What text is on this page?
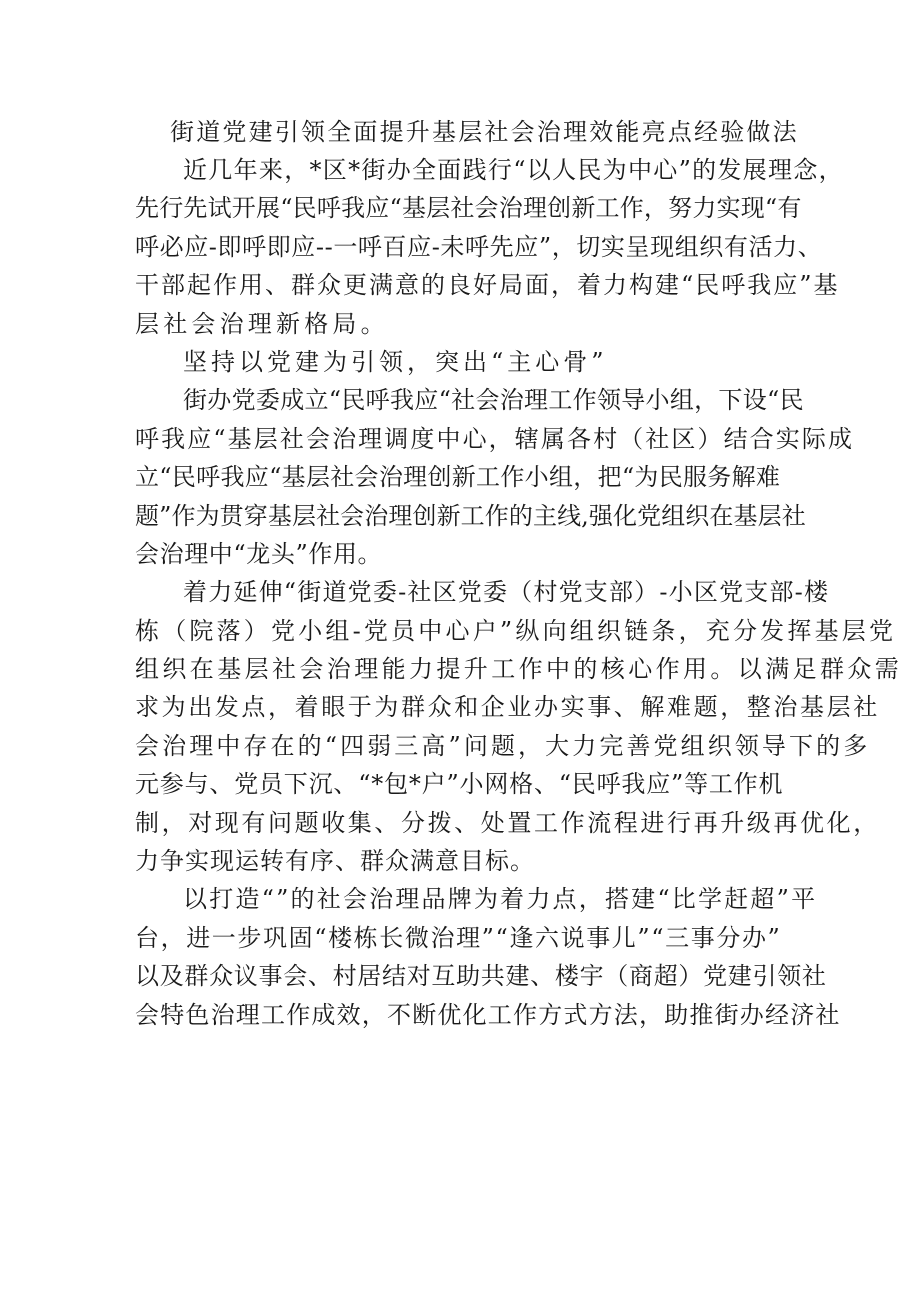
街道党建引领全面提升基层社会治理效能亮点经验做法
近几年来，*区*街办全面践行“以人民为中心”的发展理念，
先行先试开展“民呼我应“基层社会治理创新工作，努力实现“有
呼必应-即呼即应--一呼百应-未呼先应”，切实呈现组织有活力、
干部起作用、群众更满意的良好局面，着力构建“民呼我应”基
层社会治理新格局。
坚持以党建为引领，突出“主心骨”
街办党委成立“民呼我应“社会治理工作领导小组，下设“民
呼我应“基层社会治理调度中心，辖属各村（社区）结合实际成
立“民呼我应“基层社会治理创新工作小组，把“为民服务解难
题”作为贯穿基层社会治理创新工作的主线,强化党组织在基层社
会治理中“龙头”作用。
着力延伸“街道党委-社区党委（村党支部）-小区党支部-楼
栋（院落）党小组-党员中心户”纵向组织链条，充分发挥基层党
组织在基层社会治理能力提升工作中的核心作用。以满足群众需
求为出发点，着眼于为群众和企业办实事、解难题，整治基层社
会治理中存在的“四弱三高”问题，大力完善党组织领导下的多
元参与、党员下沉、“*包*户”小网格、“民呼我应”等工作机
制，对现有问题收集、分拨、处置工作流程进行再升级再优化，
力争实现运转有序、群众满意目标。
以打造“”的社会治理品牌为着力点，搭建“比学赶超”平
台，进一步巩固“楼栋长微治理”“逢六说事儿”“三事分办”
以及群众议事会、村居结对互助共建、楼宇（商超）党建引领社
会特色治理工作成效，不断优化工作方式方法，助推街办经济社
